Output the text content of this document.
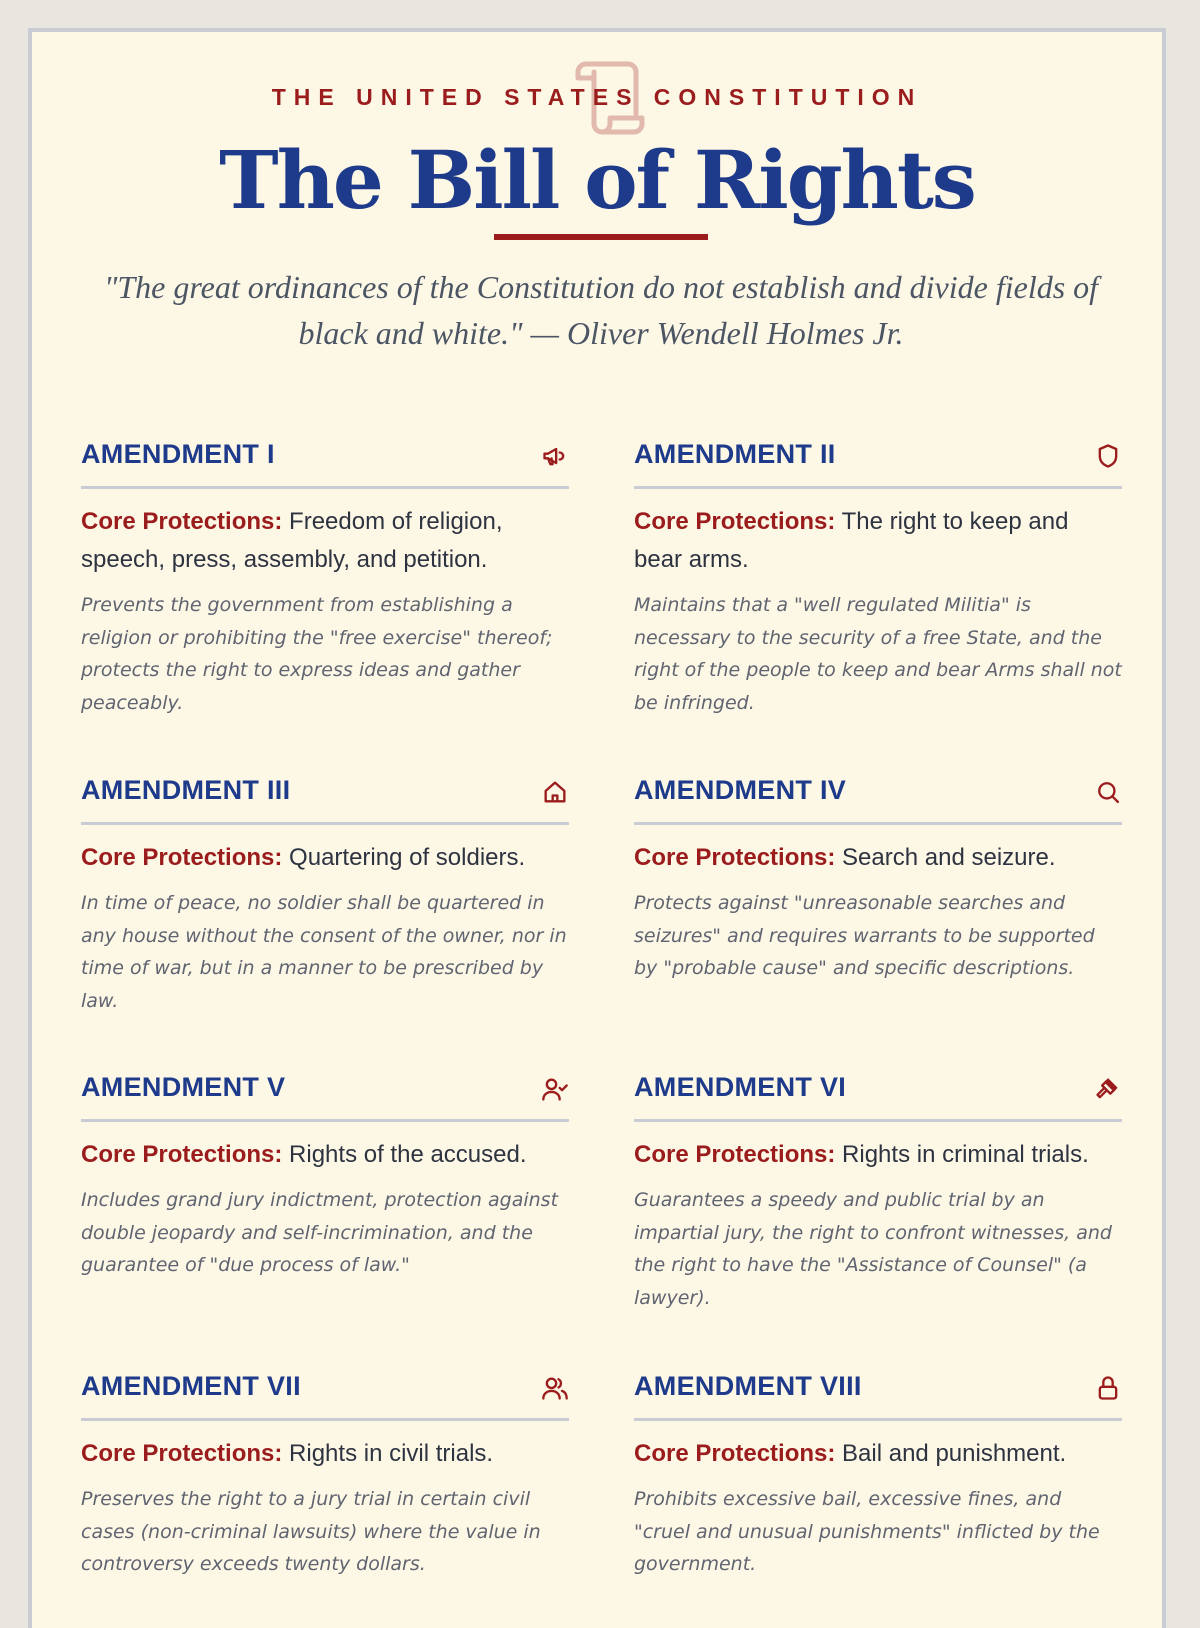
THE UNITED STATES CONSTITUTION
The Bill of Rights
"The great ordinances of the Constitution do not establish and divide fields of black and white." — Oliver Wendell Holmes Jr.
AMENDMENT I
Core Protections: Freedom of religion, speech, press, assembly, and petition.
Prevents the government from establishing a religion or prohibiting the "free exercise" thereof; protects the right to express ideas and gather peaceably.
AMENDMENT II
Core Protections: The right to keep and bear arms.
Maintains that a "well regulated Militia" is necessary to the security of a free State, and the right of the people to keep and bear Arms shall not be infringed.
AMENDMENT III
Core Protections: Quartering of soldiers.
In time of peace, no soldier shall be quartered in any house without the consent of the owner, nor in time of war, but in a manner to be prescribed by law.
AMENDMENT IV
Core Protections: Search and seizure.
Protects against "unreasonable searches and seizures" and requires warrants to be supported by "probable cause" and specific descriptions.
AMENDMENT V
Core Protections: Rights of the accused.
Includes grand jury indictment, protection against double jeopardy and self-incrimination, and the guarantee of "due process of law."
AMENDMENT VI
Core Protections: Rights in criminal trials.
Guarantees a speedy and public trial by an impartial jury, the right to confront witnesses, and the right to have the "Assistance of Counsel" (a lawyer).
AMENDMENT VII
Core Protections: Rights in civil trials.
Preserves the right to a jury trial in certain civil cases (non-criminal lawsuits) where the value in controversy exceeds twenty dollars.
AMENDMENT VIII
Core Protections: Bail and punishment.
Prohibits excessive bail, excessive fines, and "cruel and unusual punishments" inflicted by the government.
